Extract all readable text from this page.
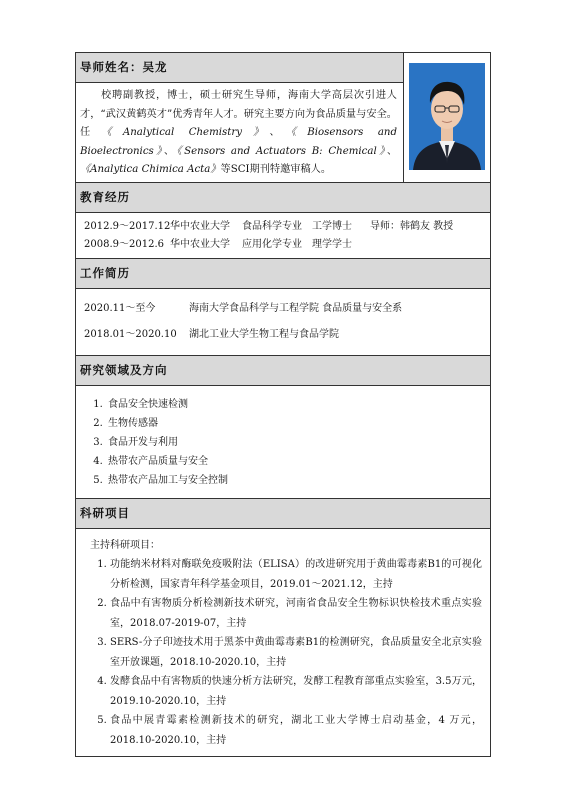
导师姓名：吴龙	

校聘副教授，博士，硕士研究生导师，海南大学高层次引进人才，“武汉黄鹤英才”优秀青年人才。研究主要方向为食品质量与安全。任《Analytical Chemistry》、《Biosensors and Bioelectronics》、《Sensors and Actuators B: Chemical》、《Analytica Chimica Acta》等SCI期刊特邀审稿人。
教育经历

2012.9～2017.12华中农业大学 食品科学专业 工学博士 导师：韩鹤友 教授
2008.9～2012.6 华中农业大学 应用化学专业 理学学士

工作简历

2020.11～至今	海南大学食品科学与工程学院 食品质量与安全系
2018.01～2020.10 湖北工业大学生物工程与食品学院

研究领域及方向

1. 食品安全快速检测
2. 生物传感器
3. 食品开发与利用
4. 热带农产品质量与安全
5. 热带农产品加工与安全控制

科研项目

主持科研项目：
1. 功能纳米材料对酶联免疫吸附法（ELISA）的改进研究用于黄曲霉毒素B1的可视化分析检测，国家青年科学基金项目，2019.01～2021.12，主持
2. 食品中有害物质分析检测新技术研究，河南省食品安全生物标识快检技术重点实验室，2018.07-2019-07，主持
3. SERS-分子印迹技术用于黑茶中黄曲霉毒素B1的检测研究，食品质量安全北京实验室开放课题，2018.10-2020.10，主持
4. 发酵食品中有害物质的快速分析方法研究，发酵工程教育部重点实验室，3.5万元，2019.10-2020.10，主持
5. 食品中展青霉素检测新技术的研究，湖北工业大学博士启动基金，4 万元，2018.10-2020.10，主持
